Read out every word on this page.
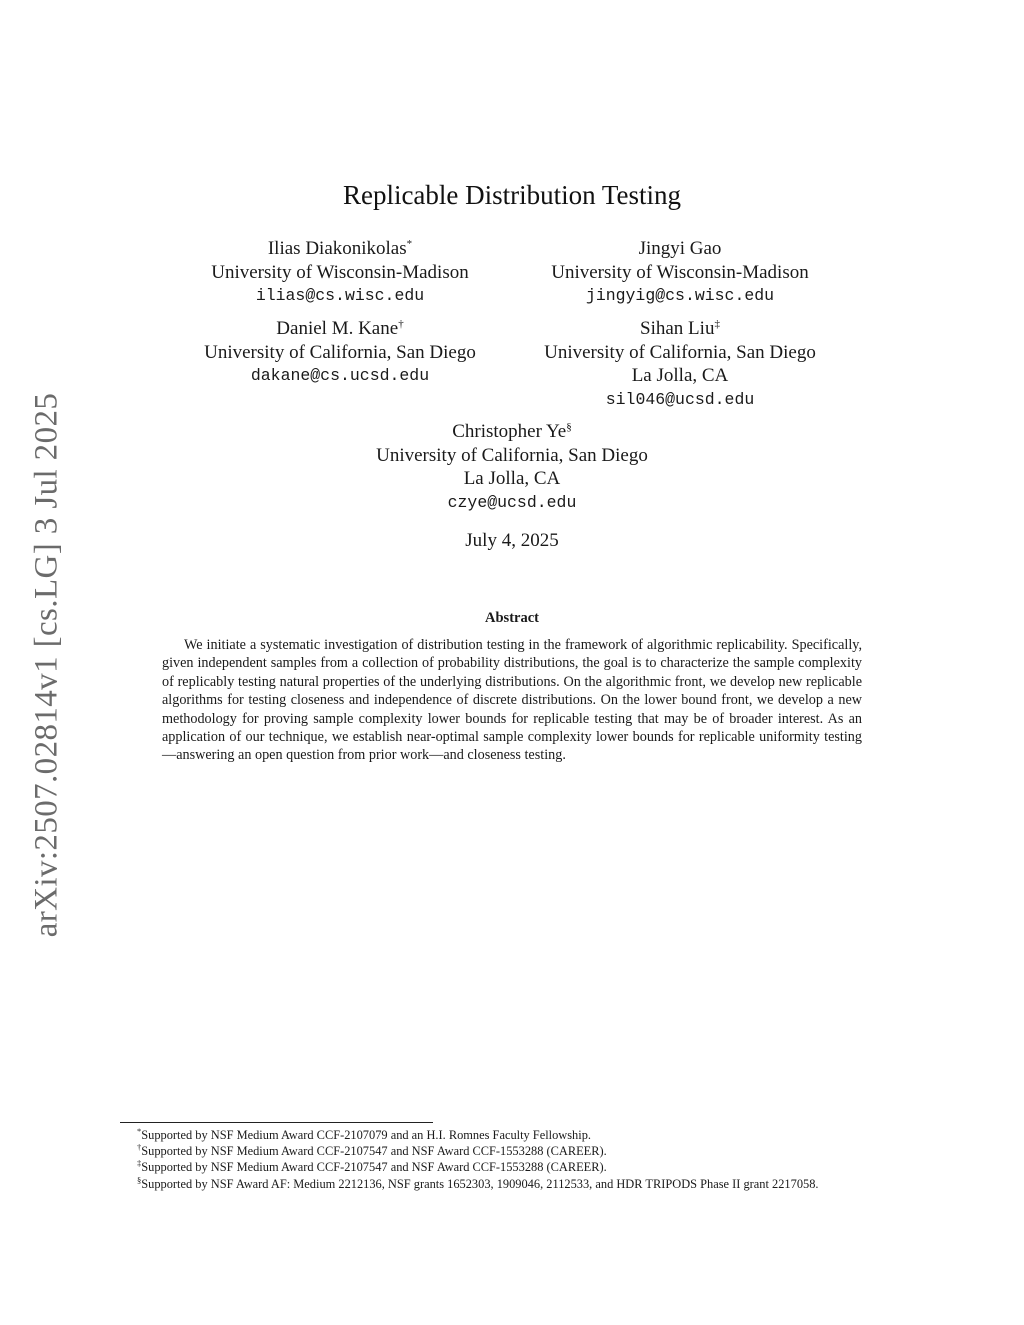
arXiv:2507.02814v1 [cs.LG] 3 Jul 2025
Replicable Distribution Testing
Ilias Diakonikolas*
University of Wisconsin-Madison
ilias@cs.wisc.edu
Jingyi Gao
University of Wisconsin-Madison
jingyig@cs.wisc.edu
Daniel M. Kane†
University of California, San Diego
dakane@cs.ucsd.edu
Sihan Liu‡
University of California, San Diego
La Jolla, CA
sil046@ucsd.edu
Christopher Ye§
University of California, San Diego
La Jolla, CA
czye@ucsd.edu
July 4, 2025
Abstract

We initiate a systematic investigation of distribution testing in the framework of algorithmic replicability. Specifically, given independent samples from a collection of probability distributions, the goal is to characterize the sample complexity of replicably testing natural properties of the underlying distributions. On the algorithmic front, we develop new replicable algorithms for testing closeness and independence of discrete distributions. On the lower bound front, we develop a new methodology for proving sample complexity lower bounds for replicable testing that may be of broader interest. As an application of our technique, we establish near-optimal sample complexity lower bounds for replicable uniformity testing—answering an open question from prior work—and closeness testing.

*Supported by NSF Medium Award CCF-2107079 and an H.I. Romnes Faculty Fellowship.
†Supported by NSF Medium Award CCF-2107547 and NSF Award CCF-1553288 (CAREER).
‡Supported by NSF Medium Award CCF-2107547 and NSF Award CCF-1553288 (CAREER).
§Supported by NSF Award AF: Medium 2212136, NSF grants 1652303, 1909046, 2112533, and HDR TRIPODS Phase II grant 2217058.
